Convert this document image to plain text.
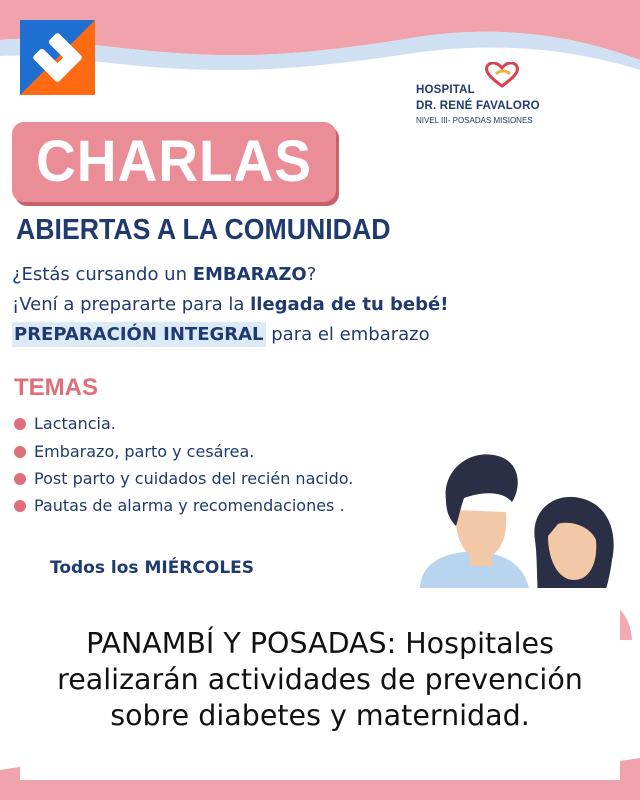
HOSPITAL
DR. RENÉ FAVALORO
NIVEL III- POSADAS MISIONES
CHARLAS
ABIERTAS A LA COMUNIDAD
¿Estás cursando un EMBARAZO?
¡Vení a prepararte para la llegada de tu bebé!
PREPARACIÓN INTEGRAL para el embarazo
TEMAS
Lactancia.
Embarazo, parto y cesárea.
Post parto y cuidados del recién nacido.
Pautas de alarma y recomendaciones .
Todos los MIÉRCOLES
PANAMBÍ Y POSADAS: Hospitales realizarán actividades de prevención sobre diabetes y maternidad.
